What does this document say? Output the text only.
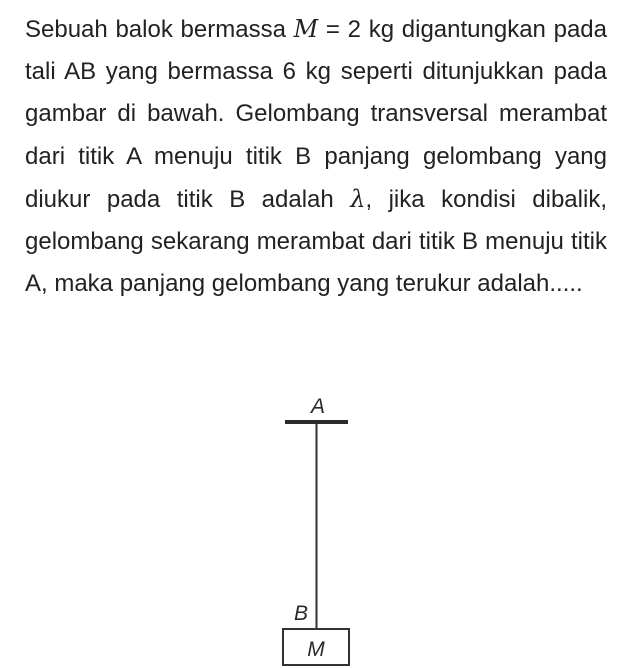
Sebuah balok bermassa M = 2 kg digantungkan pada tali AB yang bermassa 6 kg seperti ditunjukkan pada gambar di bawah. Gelombang transversal merambat dari titik A menuju titik B panjang gelombang yang diukur pada titik B adalah λ, jika kondisi dibalik, gelombang sekarang merambat dari titik B menuju titik A, maka panjang gelombang yang terukur adalah.....

A
B
M
